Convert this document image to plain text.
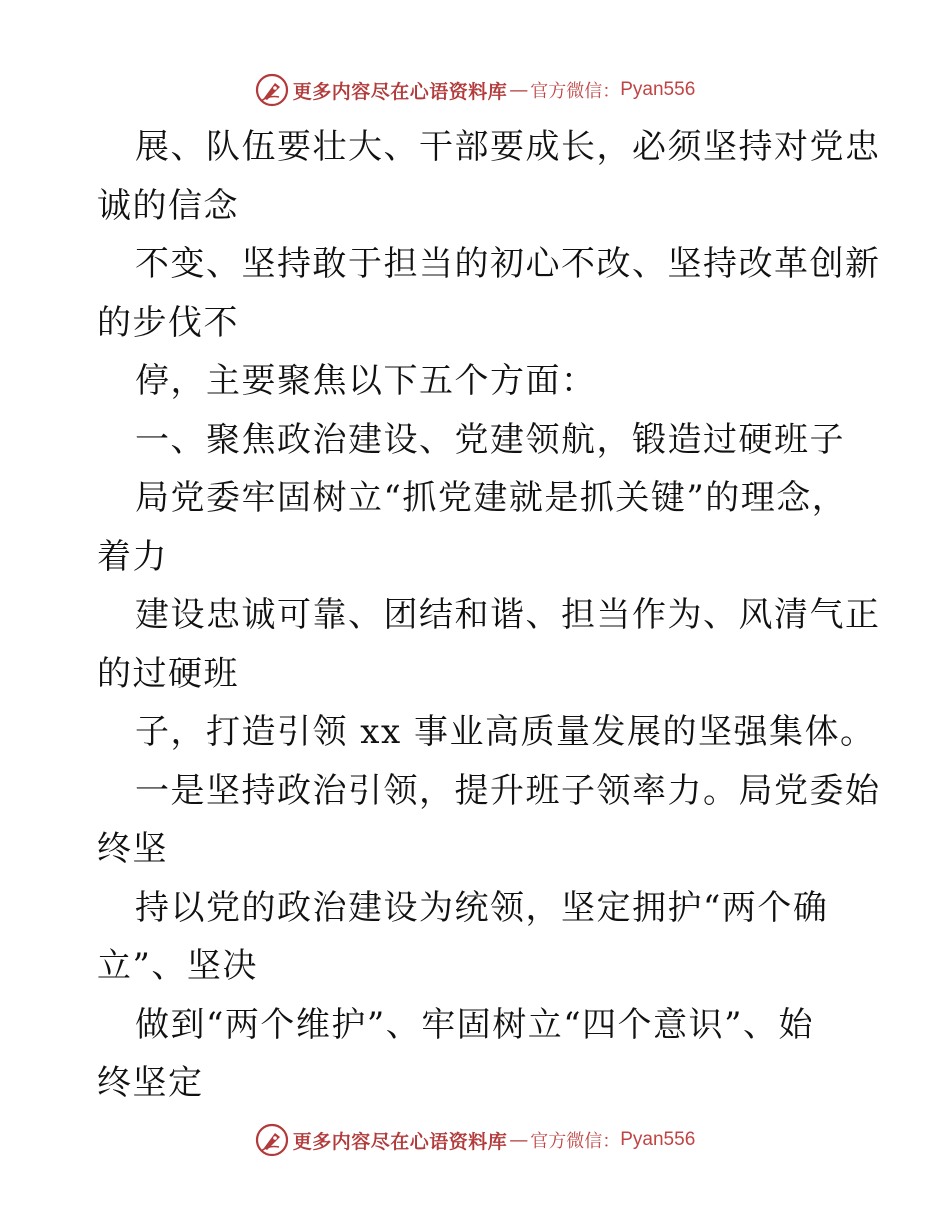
更多内容尽在心语资料库 — 官方微信： Pyan556
展、队伍要壮大、干部要成长，必须坚持对党忠
诚的信念
不变、坚持敢于担当的初心不改、坚持改革创新
的步伐不
停，主要聚焦以下五个方面：
一、聚焦政治建设、党建领航，锻造过硬班子
局党委牢固树立“抓党建就是抓关键”的理念，
着力
建设忠诚可靠、团结和谐、担当作为、风清气正
的过硬班
子，打造引领 xx 事业高质量发展的坚强集体。
一是坚持政治引领，提升班子领率力。局党委始
终坚
持以党的政治建设为统领，坚定拥护“两个确
立”、坚决
做到“两个维护”、牢固树立“四个意识”、始
终坚定
更多内容尽在心语资料库 — 官方微信： Pyan556
